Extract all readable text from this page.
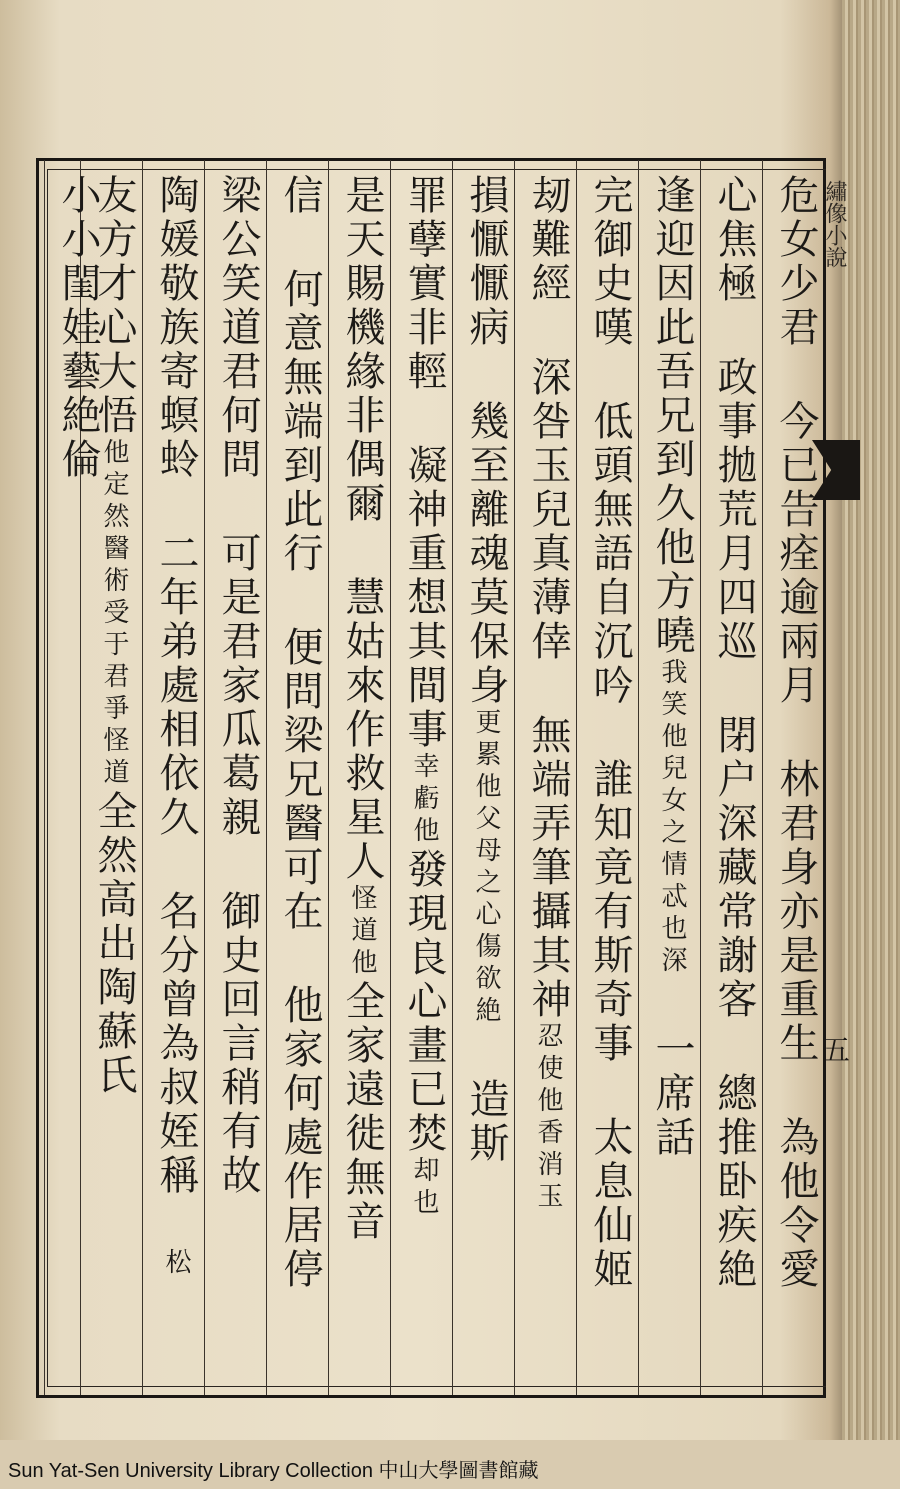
危女少君 今已告痊逾兩月 林君身亦是重生 為他令愛
心焦極 政事拋荒月四巡 閉户深藏常謝客 總推卧疾絶
逢迎因此吾兄到久他方曉我笑他兒女之情忒也深 一席話
完御史嘆 低頭無語自沉吟 誰知竟有斯奇事 太息仙姬
刼難經 深咎玉兒真薄倖 無端弄筆攝其神忍使他香消玉
損懨懨病 幾至離魂莫保身更累他父母之心傷欲絶 造斯
罪孽實非輕 凝神重想其間事幸虧他發現良心畫已焚却也
是天賜機緣非偶爾 慧姑來作救星人怪道他全家遠徙無音
信 何意無端到此行 便問梁兄醫可在 他家何處作居停
梁公笑道君何問 可是君家瓜葛親 御史回言稍有故
陶媛敬族寄螟蛉 二年弟處相依久 名分曾為叔姪稱 松
友方才心大悟他定然醫術受于君爭怪道全然高出陶蘇氏
小小閨娃藝絶倫	繡像小說
五
Sun Yat-Sen University Library Collection 中山大學圖書館藏
